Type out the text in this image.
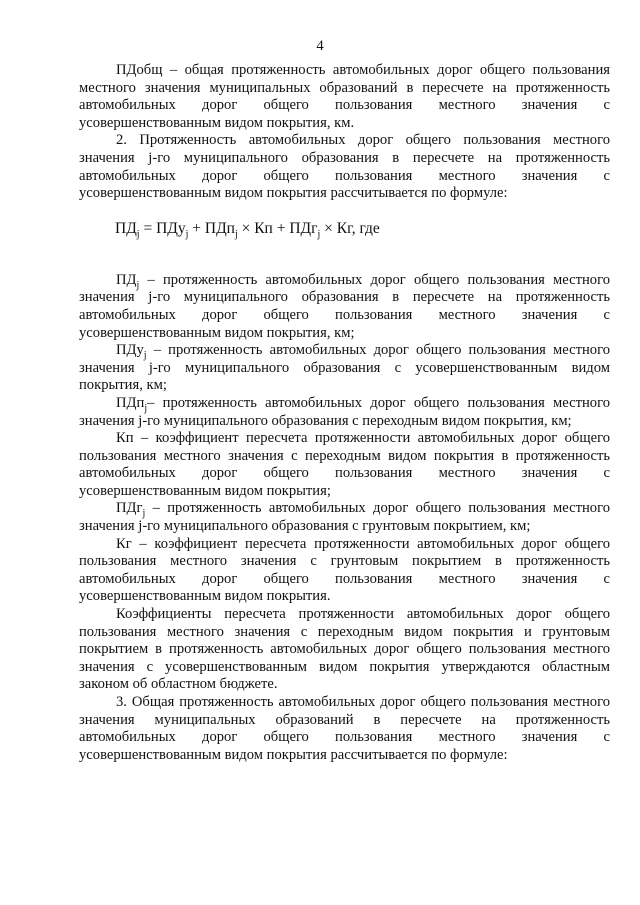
4

ПДобщ – общая протяженность автомобильных дорог общего пользования местного значения муниципальных образований в пересчете на протяженность автомобильных дорог общего пользования местного значения с усовершенствованным видом покрытия, км.

2. Протяженность автомобильных дорог общего пользования местного значения j-го муниципального образования в пересчете на протяженность автомобильных дорог общего пользования местного значения с усовершенствованным видом покрытия рассчитывается по формуле:

$ПД_j = ПДу_j + ПДп_j$ × Кп + ПДг$_j$ × Кг, где

$ПД_j$ – протяженность автомобильных дорог общего пользования местного значения j-го муниципального образования в пересчете на протяженность автомобильных дорог общего пользования местного значения с усовершенствованным видом покрытия, км;

ПДу$_j$ – протяженность автомобильных дорог общего пользования местного значения j-го муниципального образования с усовершенствованным видом покрытия, км;

ПДп$_j$– протяженность автомобильных дорог общего пользования местного значения j-го муниципального образования с переходным видом покрытия, км;

Кп – коэффициент пересчета протяженности автомобильных дорог общего пользования местного значения с переходным видом покрытия в протяженность автомобильных дорог общего пользования местного значения с усовершенствованным видом покрытия;

ПДг$_j$ – протяженность автомобильных дорог общего пользования местного значения j-го муниципального образования с грунтовым покрытием, км;

Кг – коэффициент пересчета протяженности автомобильных дорог общего пользования местного значения с грунтовым покрытием в протяженность автомобильных дорог общего пользования местного значения с усовершенствованным видом покрытия.

Коэффициенты пересчета протяженности автомобильных дорог общего пользования местного значения с переходным видом покрытия и грунтовым покрытием в протяженность автомобильных дорог общего пользования местного значения с усовершенствованным видом покрытия утверждаются областным законом об областном бюджете.

3. Общая протяженность автомобильных дорог общего пользования местного значения муниципальных образований в пересчете на протяженность автомобильных дорог общего пользования местного значения с усовершенствованным видом покрытия рассчитывается по формуле:
